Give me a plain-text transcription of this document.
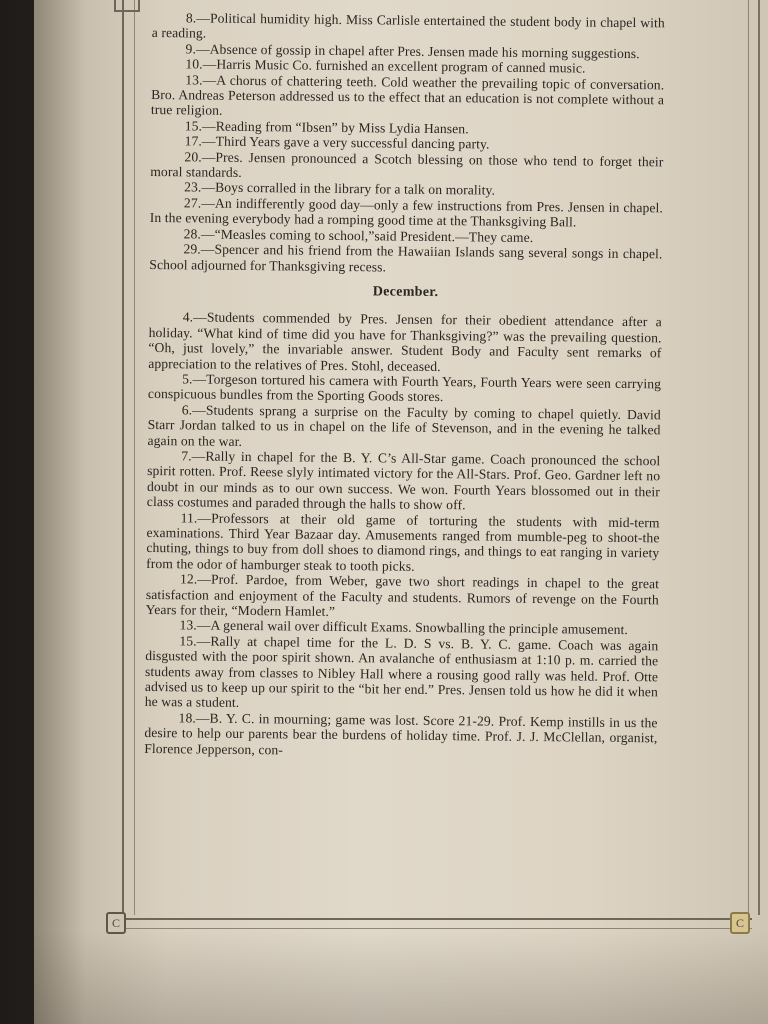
C	C

8.—Political humidity high. Miss Carlisle entertained the student body in chapel with a reading.

9.—Absence of gossip in chapel after Pres. Jensen made his morning suggestions.

10.—Harris Music Co. furnished an excellent program of canned music.

13.—A chorus of chattering teeth. Cold weather the prevailing topic of conversation. Bro. Andreas Peterson addressed us to the effect that an education is not complete without a true religion.

15.—Reading from “Ibsen” by Miss Lydia Hansen.

17.—Third Years gave a very successful dancing party.

20.—Pres. Jensen pronounced a Scotch blessing on those who tend to forget their moral standards.

23.—Boys corralled in the library for a talk on morality.

27.—An indifferently good day—only a few instructions from Pres. Jensen in chapel. In the evening everybody had a romping good time at the Thanksgiving Ball.

28.—“Measles coming to school,”said President.—They came.

29.—Spencer and his friend from the Hawaiian Islands sang several songs in chapel. School adjourned for Thanksgiving recess.

December.

4.—Students commended by Pres. Jensen for their obedient attendance after a holiday. “What kind of time did you have for Thanksgiving?” was the prevailing question. “Oh, just lovely,” the invariable answer. Student Body and Faculty sent remarks of appreciation to the relatives of Pres. Stohl, deceased.

5.—Torgeson tortured his camera with Fourth Years, Fourth Years were seen carrying conspicuous bundles from the Sporting Goods stores.

6.—Students sprang a surprise on the Faculty by coming to chapel quietly. David Starr Jordan talked to us in chapel on the life of Stevenson, and in the evening he talked again on the war.

7.—Rally in chapel for the B. Y. C’s All-Star game. Coach pronounced the school spirit rotten. Prof. Reese slyly intimated victory for the All-Stars. Prof. Geo. Gardner left no doubt in our minds as to our own success. We won. Fourth Years blossomed out in their class costumes and paraded through the halls to show off.

11.—Professors at their old game of torturing the students with mid-term examinations. Third Year Bazaar day. Amusements ranged from mumble-peg to shoot-the chuting, things to buy from doll shoes to diamond rings, and things to eat ranging in variety from the odor of hamburger steak to tooth picks.

12.—Prof. Pardoe, from Weber, gave two short readings in chapel to the great satisfaction and enjoyment of the Faculty and students. Rumors of revenge on the Fourth Years for their, “Modern Hamlet.”

13.—A general wail over difficult Exams. Snowballing the principle amusement.

15.—Rally at chapel time for the L. D. S vs. B. Y. C. game. Coach was again disgusted with the poor spirit shown. An avalanche of enthusiasm at 1:10 p. m. carried the students away from classes to Nibley Hall where a rousing good rally was held. Prof. Otte advised us to keep up our spirit to the “bit her end.” Pres. Jensen told us how he did it when he was a student.

18.—B. Y. C. in mourning; game was lost. Score 21-29. Prof. Kemp instills in us the desire to help our parents bear the burdens of holiday time. Prof. J. J. McClellan, organist, Florence Jepperson, con-
